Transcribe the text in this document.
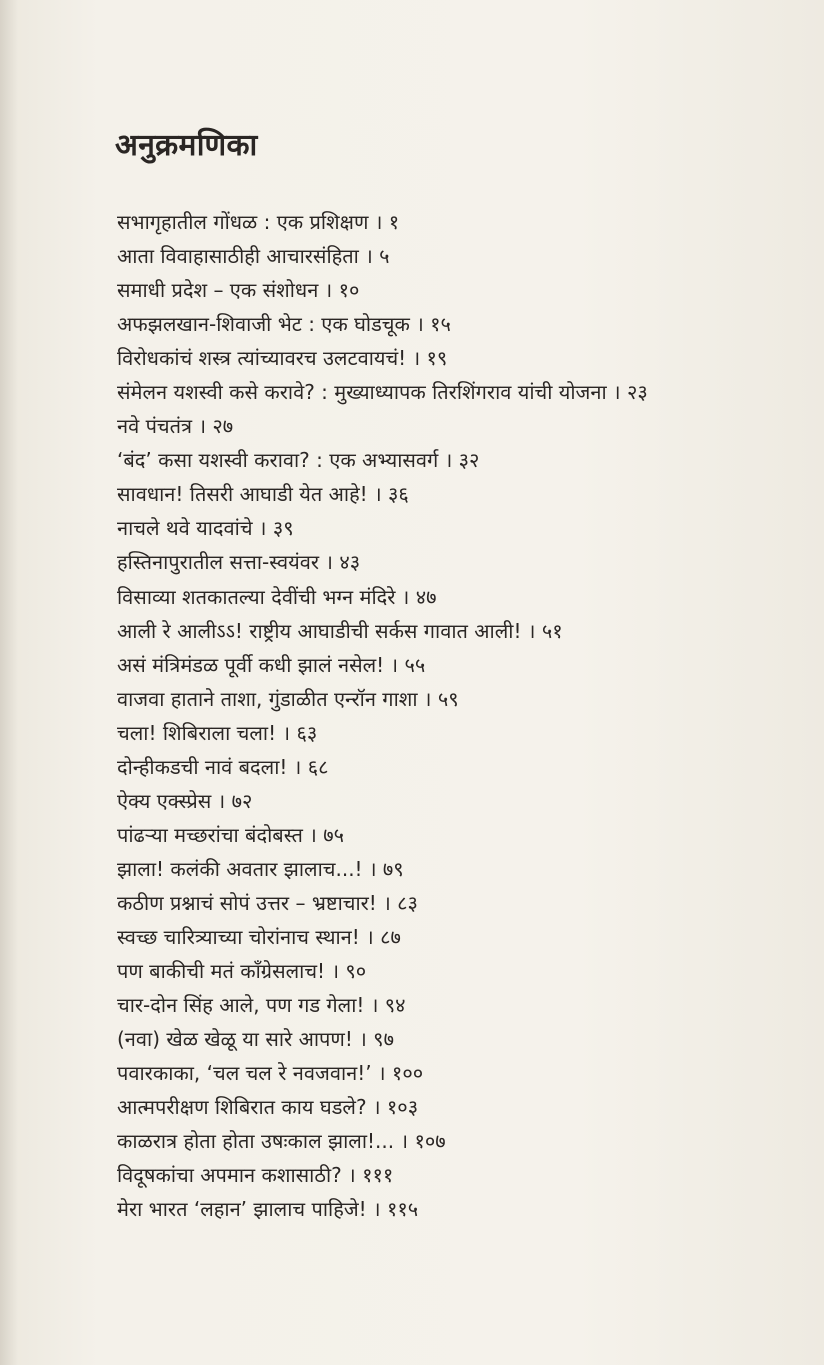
अनुक्रमणिका
सभागृहातील गोंधळ : एक प्रशिक्षण । १
आता विवाहासाठीही आचारसंहिता । ५
समाधी प्रदेश – एक संशोधन । १०
अफझलखान-शिवाजी भेट : एक घोडचूक । १५
विरोधकांचं शस्त्र त्यांच्यावरच उलटवायचं! । १९
संमेलन यशस्वी कसे करावे? : मुख्याध्यापक तिरशिंगराव यांची योजना । २३
नवे पंचतंत्र । २७
‘बंद’ कसा यशस्वी करावा? : एक अभ्यासवर्ग । ३२
सावधान! तिसरी आघाडी येत आहे! । ३६
नाचले थवे यादवांचे । ३९
हस्तिनापुरातील सत्ता-स्वयंवर । ४३
विसाव्या शतकातल्या देवींची भग्न मंदिरे । ४७
आली रे आलीऽऽ! राष्ट्रीय आघाडीची सर्कस गावात आली! । ५१
असं मंत्रिमंडळ पूर्वी कधी झालं नसेल! । ५५
वाजवा हाताने ताशा, गुंडाळीत एन्‍रॉन गाशा । ५९
चला! शिबिराला चला! । ६३
दोन्हीकडची नावं बदला! । ६८
ऐक्य एक्स्प्रेस । ७२
पांढऱ्या मच्छरांचा बंदोबस्त । ७५
झाला! कलंकी अवतार झालाच...! । ७९
कठीण प्रश्नाचं सोपं उत्तर – भ्रष्टाचार! । ८३
स्वच्छ चारित्र्याच्या चोरांनाच स्थान! । ८७
पण बाकीची मतं काँग्रेसलाच! । ९०
चार-दोन सिंह आले, पण गड गेला! । ९४
(नवा) खेळ खेळू या सारे आपण! । ९७
पवारकाका, ‘चल चल रे नवजवान!’ । १००
आत्मपरीक्षण शिबिरात काय घडले? । १०३
काळरात्र होता होता उषःकाल झाला!... । १०७
विदूषकांचा अपमान कशासाठी? । १११
मेरा भारत ‘लहान’ झालाच पाहिजे! । ११५
